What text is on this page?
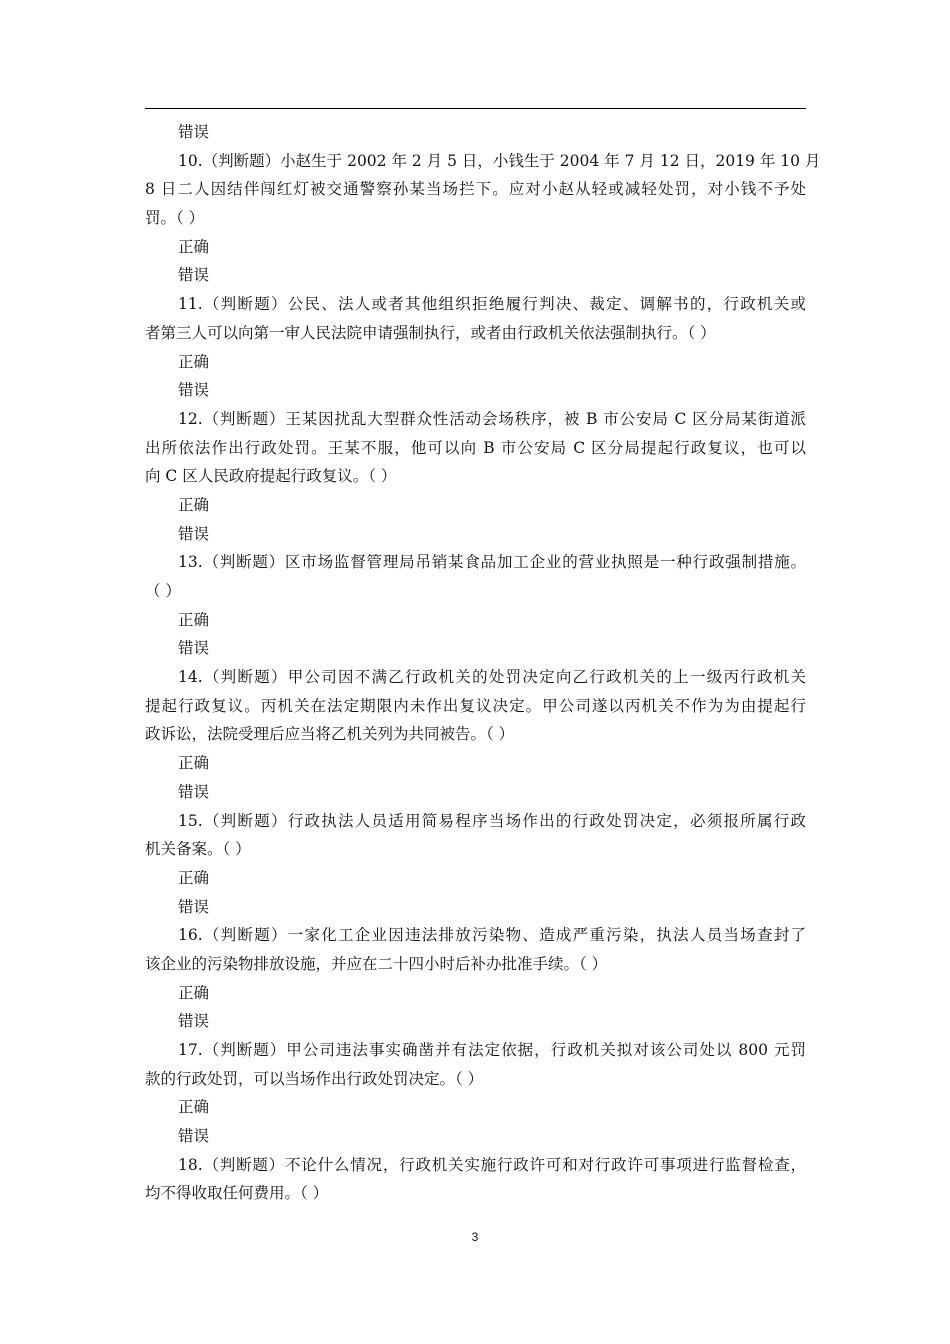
错误
10.（判断题）小赵生于 2002 年 2 月 5 日，小钱生于 2004 年 7 月 12 日，2019 年 10 月
8 日二人因结伴闯红灯被交通警察孙某当场拦下。应对小赵从轻或减轻处罚，对小钱不予处
罚。（ ）
正确
错误
11.（判断题）公民、法人或者其他组织拒绝履行判决、裁定、调解书的，行政机关或
者第三人可以向第一审人民法院申请强制执行，或者由行政机关依法强制执行。（ ）
正确
错误
12.（判断题）王某因扰乱大型群众性活动会场秩序，被 B 市公安局 C 区分局某街道派
出所依法作出行政处罚。王某不服，他可以向 B 市公安局 C 区分局提起行政复议，也可以
向 C 区人民政府提起行政复议。（ ）
正确
错误
13.（判断题）区市场监督管理局吊销某食品加工企业的营业执照是一种行政强制措施。
（ ）
正确
错误
14.（判断题）甲公司因不满乙行政机关的处罚决定向乙行政机关的上一级丙行政机关
提起行政复议。丙机关在法定期限内未作出复议决定。甲公司遂以丙机关不作为为由提起行
政诉讼，法院受理后应当将乙机关列为共同被告。（ ）
正确
错误
15.（判断题）行政执法人员适用简易程序当场作出的行政处罚决定，必须报所属行政
机关备案。（ ）
正确
错误
16.（判断题）一家化工企业因违法排放污染物、造成严重污染，执法人员当场查封了
该企业的污染物排放设施，并应在二十四小时后补办批准手续。（ ）
正确
错误
17.（判断题）甲公司违法事实确凿并有法定依据，行政机关拟对该公司处以 800 元罚
款的行政处罚，可以当场作出行政处罚决定。（ ）
正确
错误
18.（判断题）不论什么情况，行政机关实施行政许可和对行政许可事项进行监督检查，
均不得收取任何费用。（ ）
3
